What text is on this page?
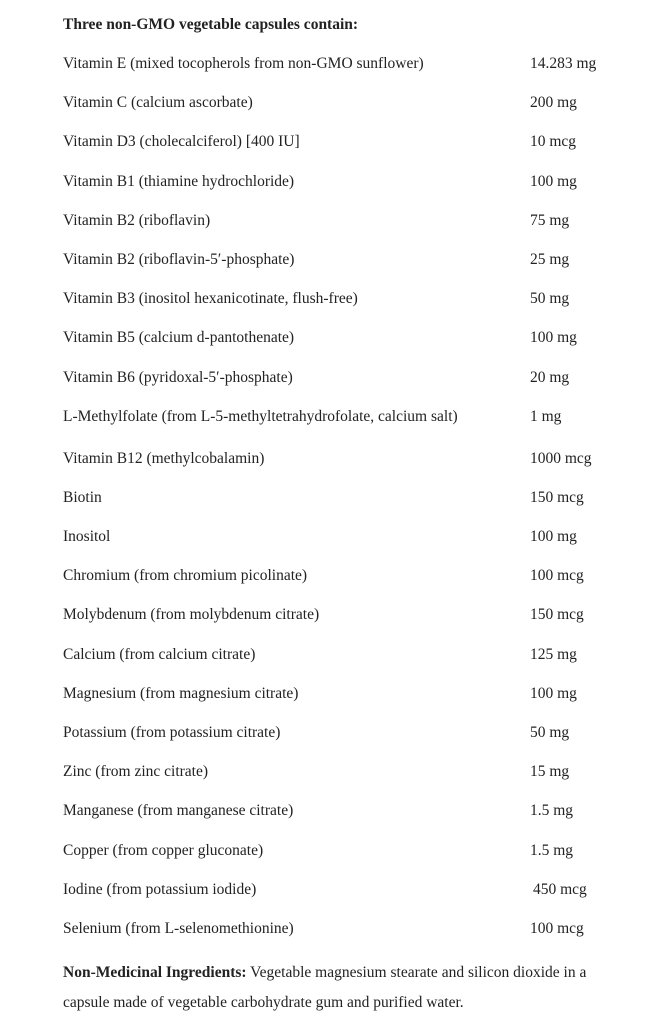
Three non-GMO vegetable capsules contain:
Vitamin E (mixed tocopherols from non-GMO sunflower)	14.283 mg
Vitamin C (calcium ascorbate)	200 mg
Vitamin D3 (cholecalciferol) [400 IU]	10 mcg
Vitamin B1 (thiamine hydrochloride)	100 mg
Vitamin B2 (riboflavin)	75 mg
Vitamin B2 (riboflavin-5′-phosphate)	25 mg
Vitamin B3 (inositol hexanicotinate, flush-free)	50 mg
Vitamin B5 (calcium d-pantothenate)	100 mg
Vitamin B6 (pyridoxal-5′-phosphate)	20 mg
L-Methylfolate (from L-5-methyltetrahydrofolate, calcium salt)	1 mg
Vitamin B12 (methylcobalamin)	1000 mcg
Biotin	150 mcg
Inositol	100 mg
Chromium (from chromium picolinate)	100 mcg
Molybdenum (from molybdenum citrate)	150 mcg
Calcium (from calcium citrate)	125 mg
Magnesium (from magnesium citrate)	100 mg
Potassium (from potassium citrate)	50 mg
Zinc (from zinc citrate)	15 mg
Manganese (from manganese citrate)	1.5 mg
Copper (from copper gluconate)	1.5 mg
Iodine (from potassium iodide)	450 mcg
Selenium (from L-selenomethionine)	100 mcg
Non-Medicinal Ingredients: Vegetable magnesium stearate and silicon dioxide in a capsule made of vegetable carbohydrate gum and purified water.
